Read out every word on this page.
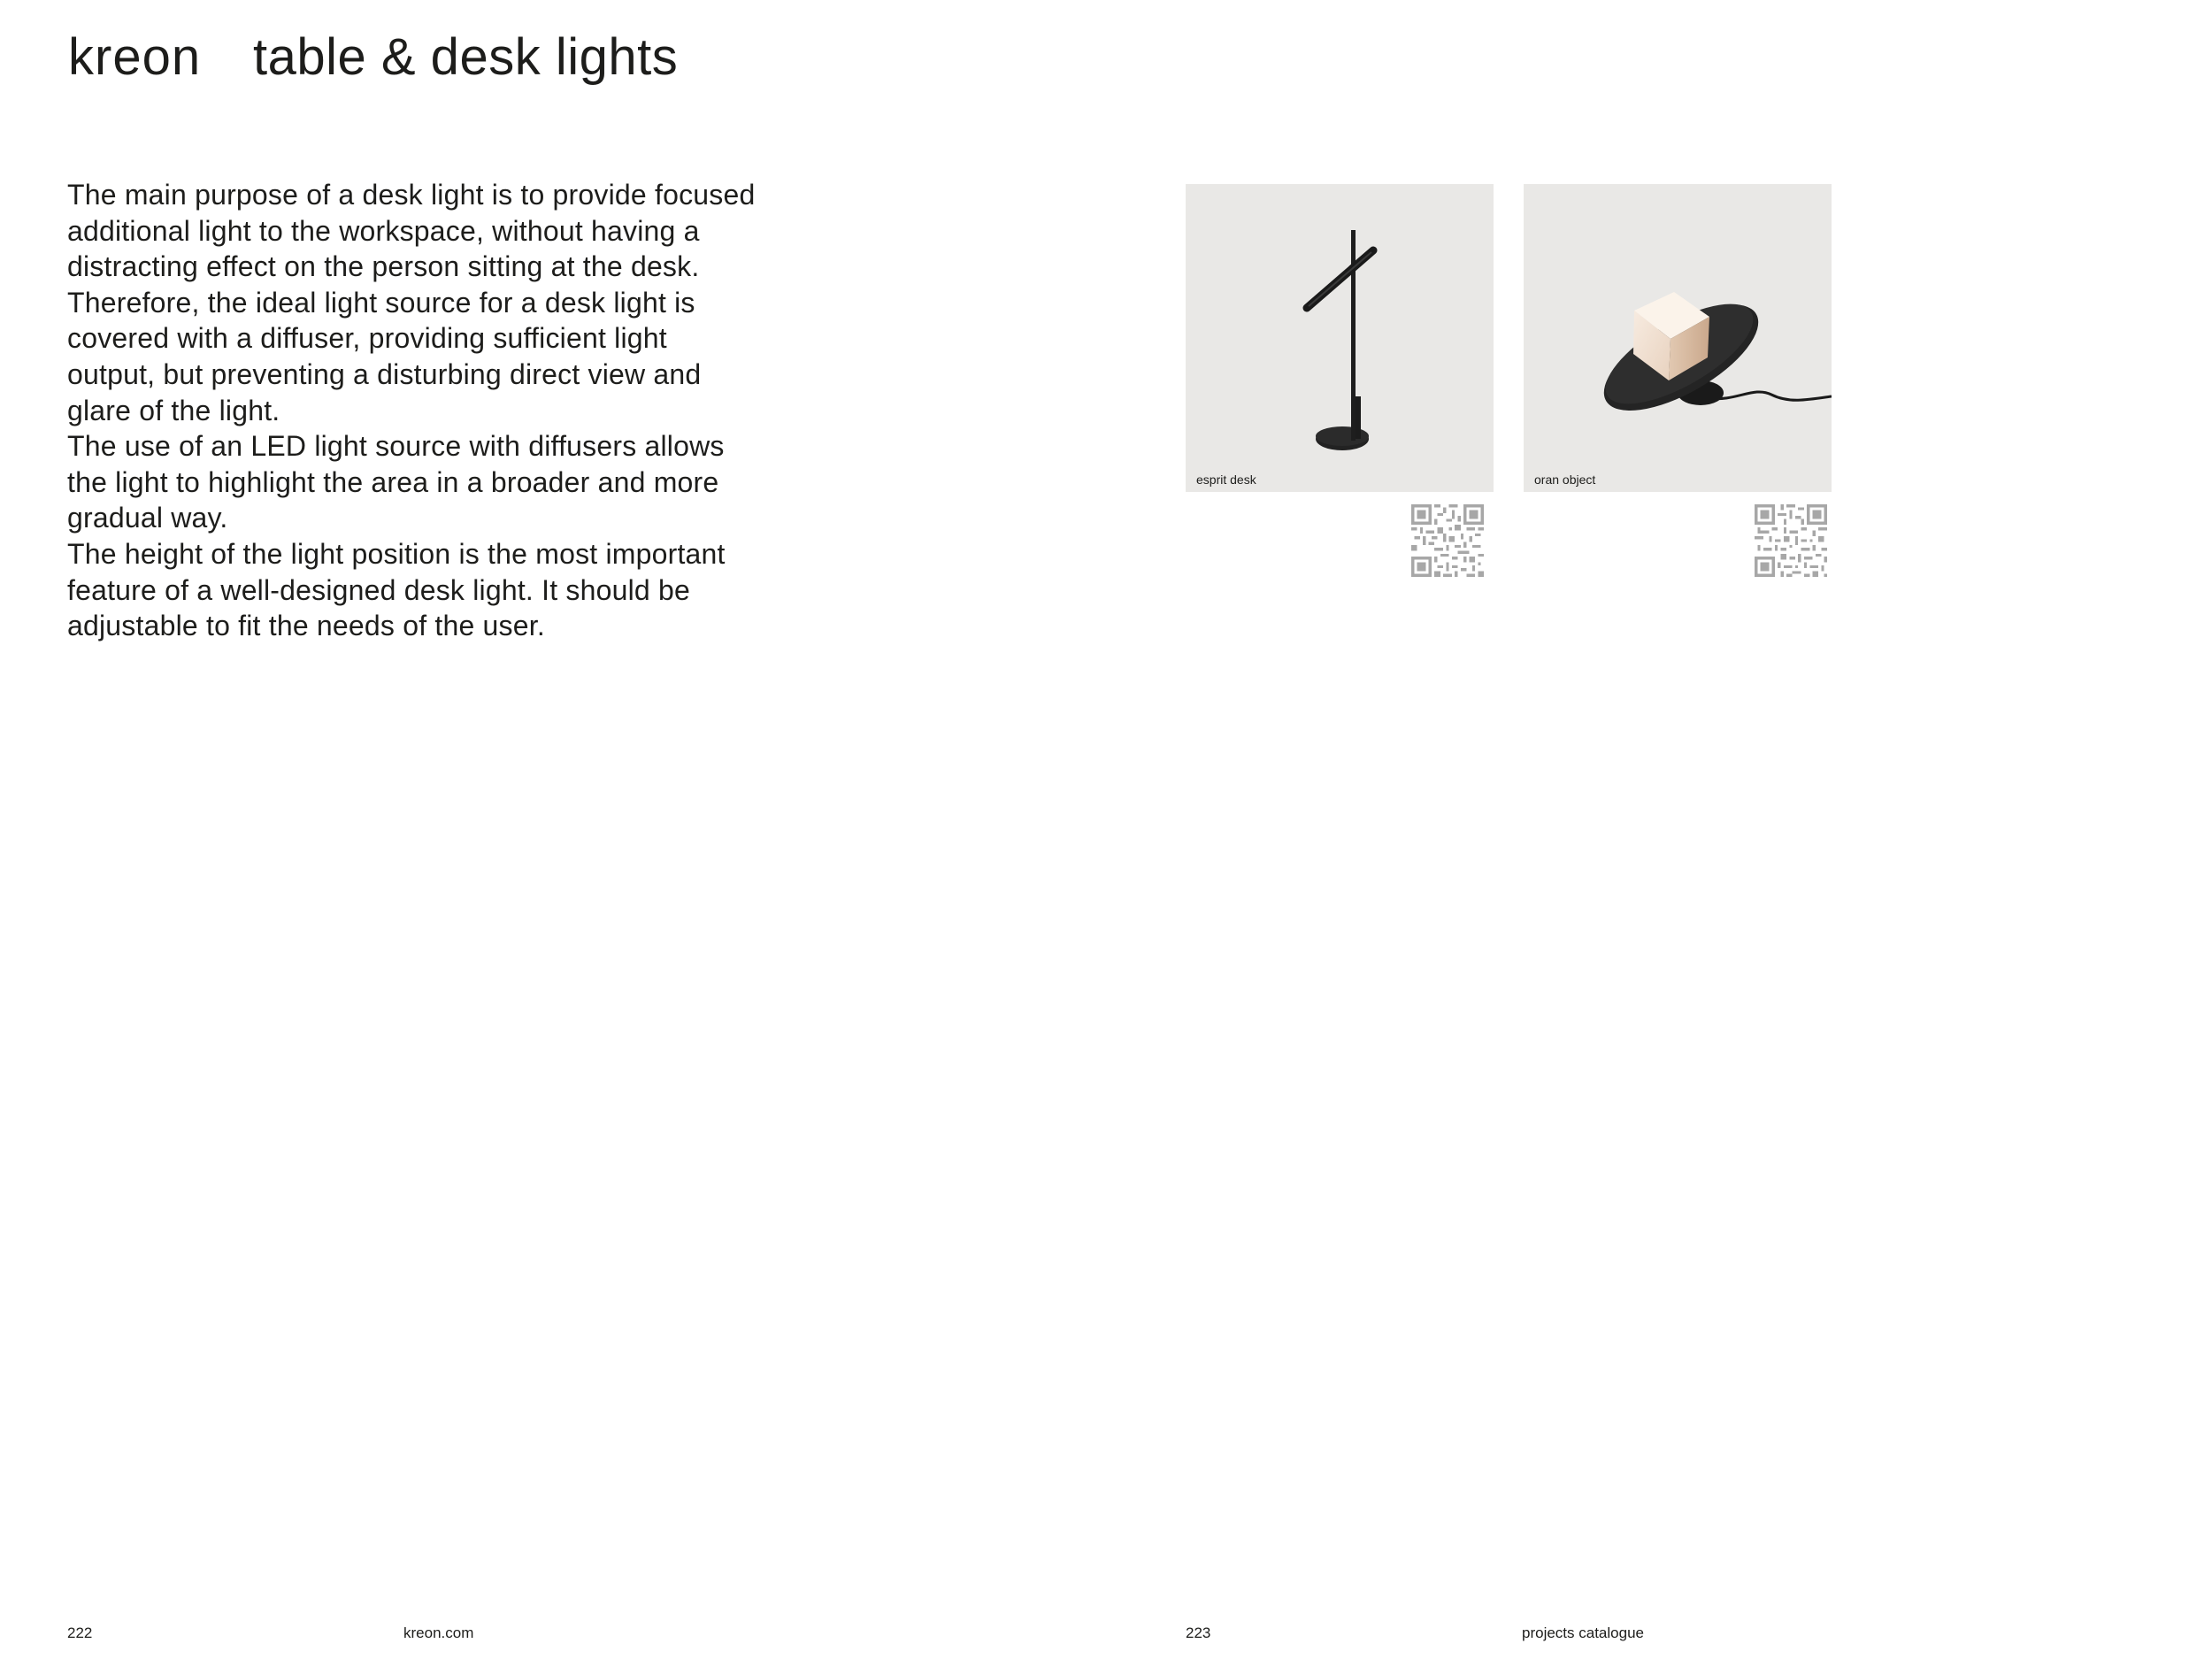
kreon table & desk lights

The main purpose of a desk light is to provide focused additional light to the workspace, without having a distracting effect on the person sitting at the desk. Therefore, the ideal light source for a desk light is covered with a diffuser, providing sufficient light output, but preventing a disturbing direct view and glare of the light.

The use of an LED light source with diffusers allows the light to highlight the area in a broader and more gradual way.

The height of the light position is the most important feature of a well-designed desk light. It should be adjustable to fit the needs of the user.

esprit desk	oran object
222	kreon.com	223	projects catalogue
